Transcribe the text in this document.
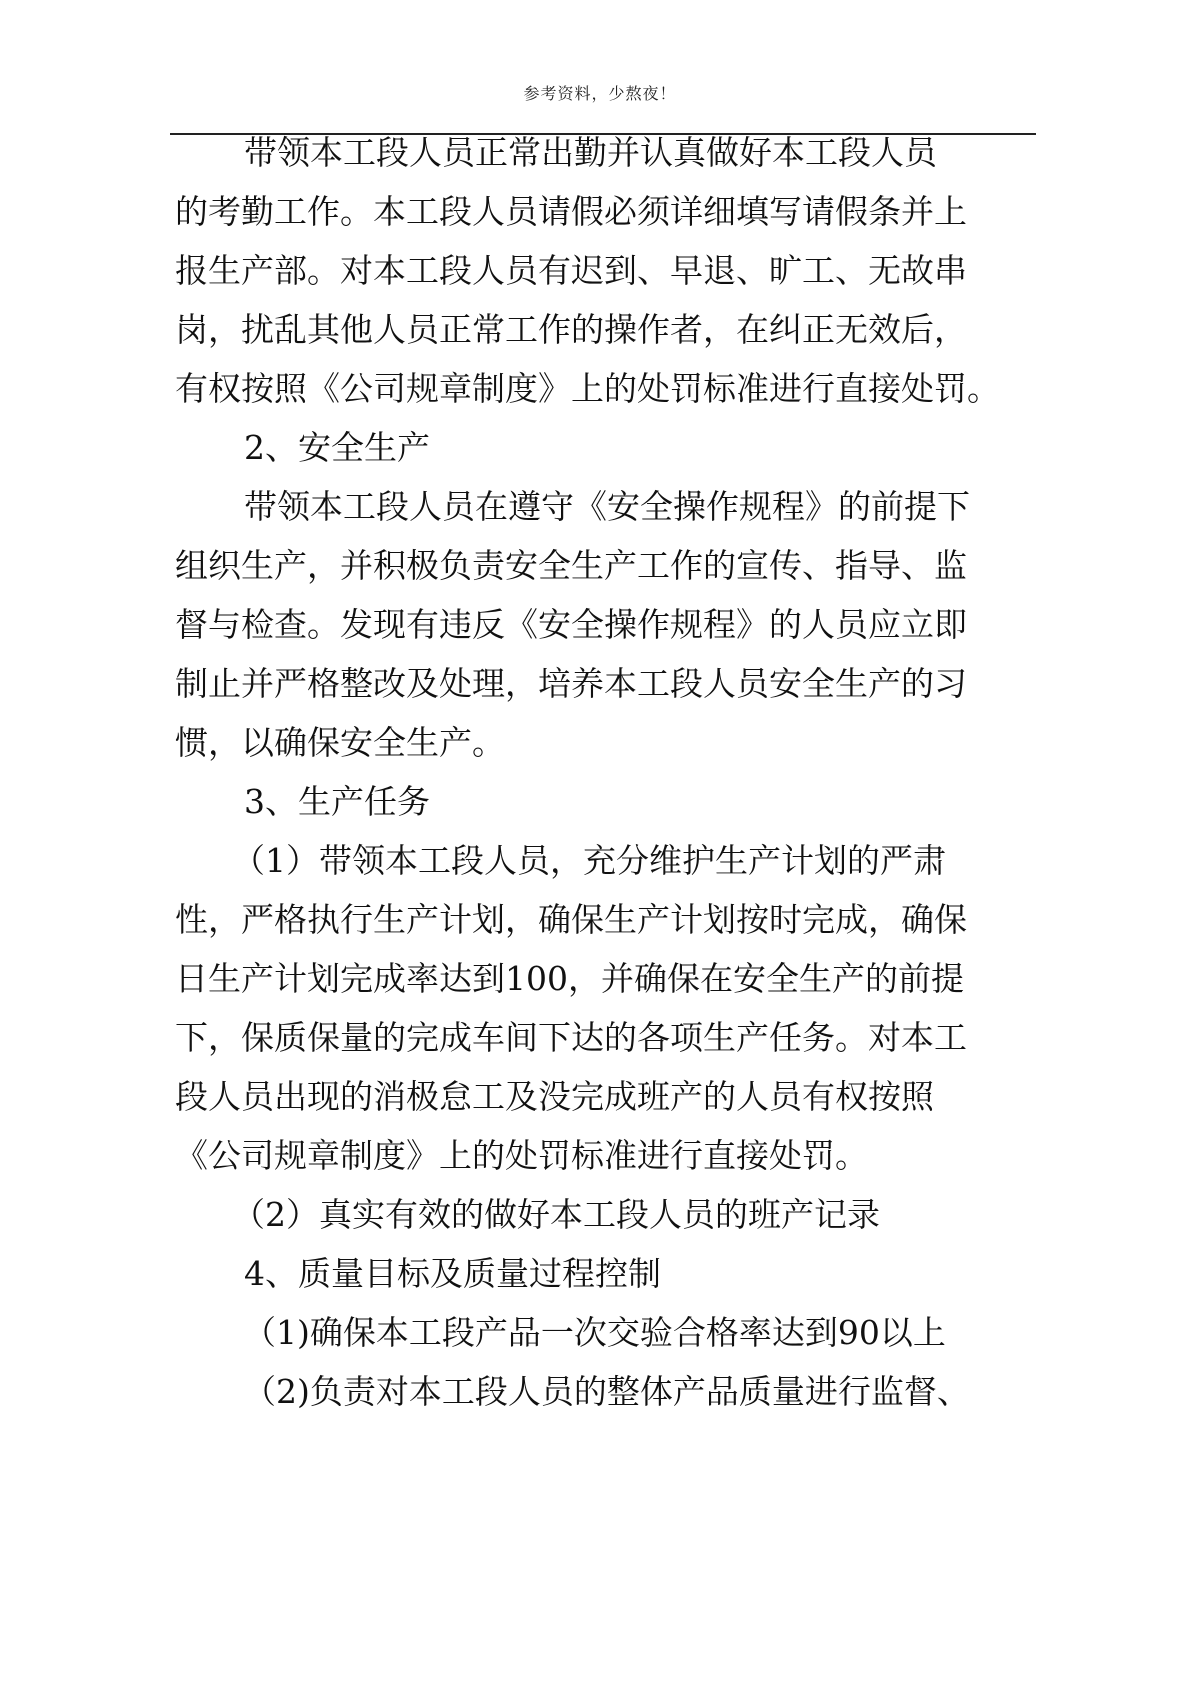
参考资料，少熬夜！
带领本工段人员正常出勤并认真做好本工段人员
的考勤工作。本工段人员请假必须详细填写请假条并上
报生产部。对本工段人员有迟到、早退、旷工、无故串
岗，扰乱其他人员正常工作的操作者，在纠正无效后，
有权按照《公司规章制度》上的处罚标准进行直接处罚。
2、安全生产
带领本工段人员在遵守《安全操作规程》的前提下
组织生产，并积极负责安全生产工作的宣传、指导、监
督与检查。发现有违反《安全操作规程》的人员应立即
制止并严格整改及处理，培养本工段人员安全生产的习
惯，以确保安全生产。
3、生产任务
（1）带领本工段人员，充分维护生产计划的严肃
性，严格执行生产计划，确保生产计划按时完成，确保
日生产计划完成率达到100，并确保在安全生产的前提
下，保质保量的完成车间下达的各项生产任务。对本工
段人员出现的消极怠工及没完成班产的人员有权按照
《公司规章制度》上的处罚标准进行直接处罚。
（2）真实有效的做好本工段人员的班产记录
4、质量目标及质量过程控制
（1)确保本工段产品一次交验合格率达到90以上
（2)负责对本工段人员的整体产品质量进行监督、
